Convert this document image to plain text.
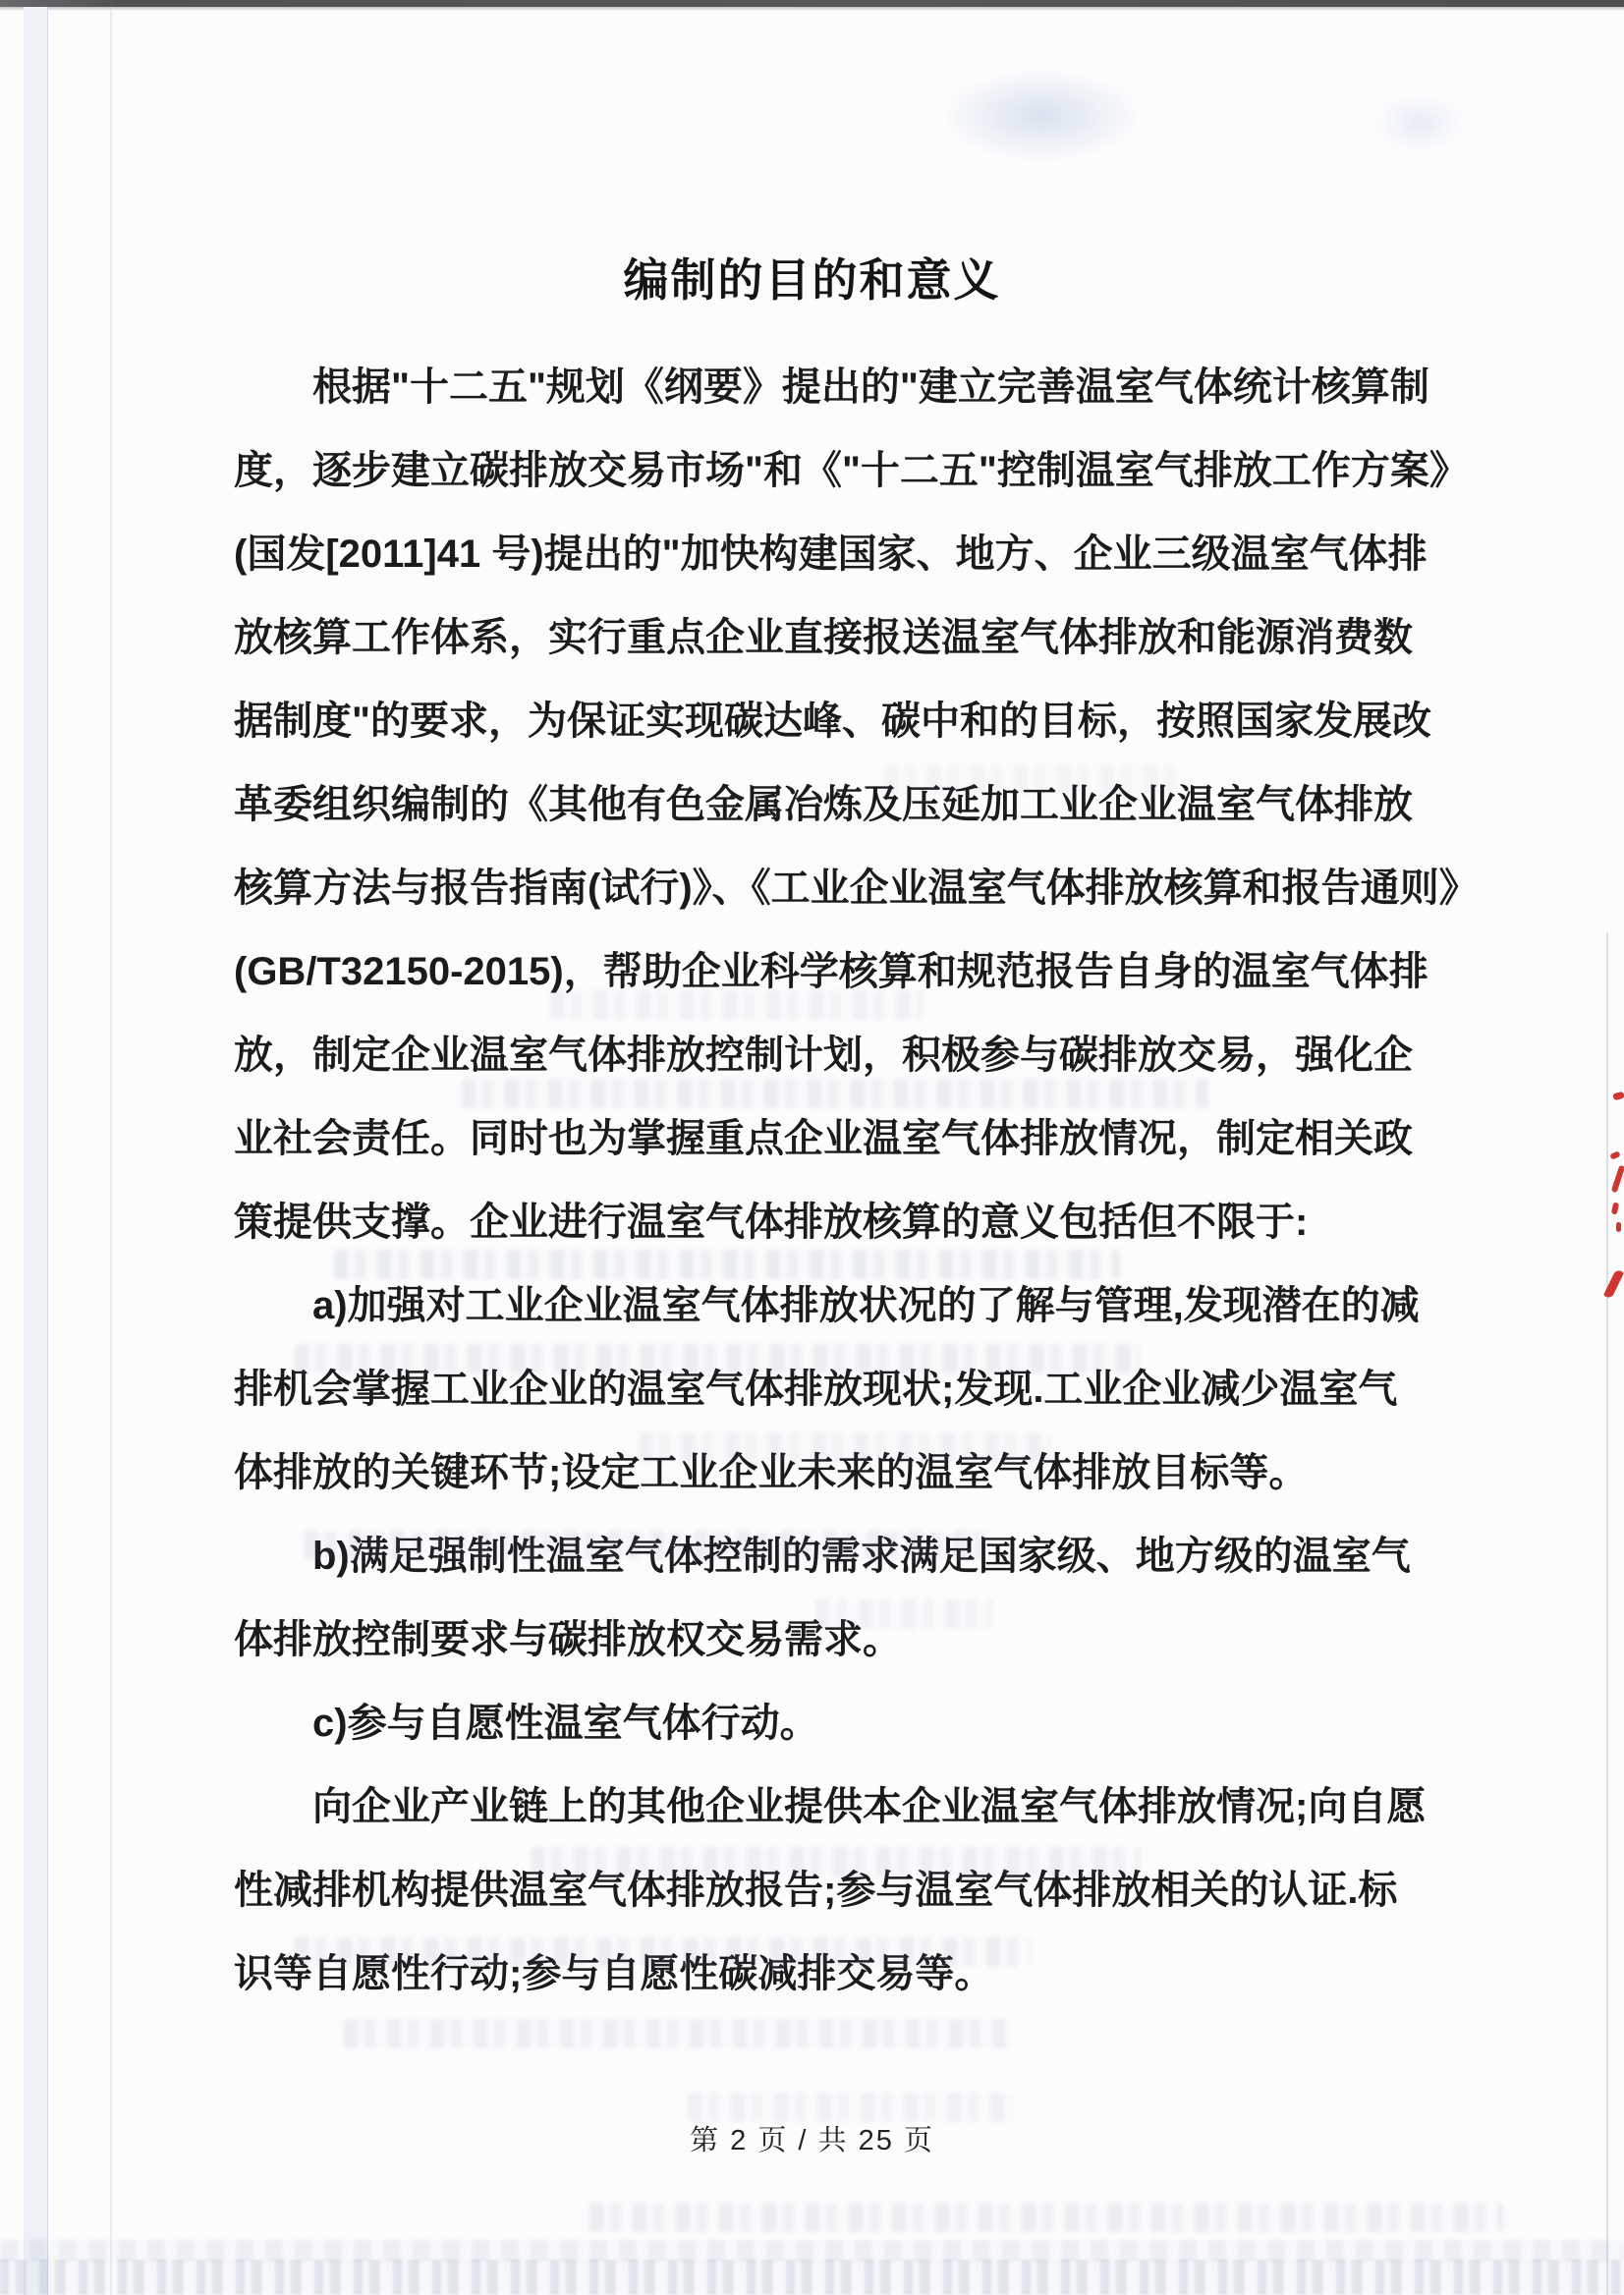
编制的目的和意义
　　根据"十二五"规划《纲要》提出的"建立完善温室气体统计核算制
度，逐步建立碳排放交易市场"和《"十二五"控制温室气排放工作方案》
(国发[2011]41 号)提出的"加快构建国家、地方、企业三级温室气体排
放核算工作体系，实行重点企业直接报送温室气体排放和能源消费数
据制度"的要求，为保证实现碳达峰、碳中和的目标，按照国家发展改
革委组织编制的《其他有色金属冶炼及压延加工业企业温室气体排放
核算方法与报告指南(试行)》、《工业企业温室气体排放核算和报告通则》
(GB/T32150-2015)，帮助企业科学核算和规范报告自身的温室气体排
放，制定企业温室气体排放控制计划，积极参与碳排放交易，强化企
业社会责任。同时也为掌握重点企业温室气体排放情况，制定相关政
策提供支撑。企业进行温室气体排放核算的意义包括但不限于:
　　a)加强对工业企业温室气体排放状况的了解与管理,发现潜在的减
排机会掌握工业企业的温室气体排放现状;发现.工业企业减少温室气
体排放的关键环节;设定工业企业未来的温室气体排放目标等。
　　b)满足强制性温室气体控制的需求满足国家级、地方级的温室气
体排放控制要求与碳排放权交易需求。
　　c)参与自愿性温室气体行动。
　　向企业产业链上的其他企业提供本企业温室气体排放情况;向自愿
性减排机构提供温室气体排放报告;参与温室气体排放相关的认证.标
识等自愿性行动;参与自愿性碳减排交易等。
第 2 页 / 共 25 页
